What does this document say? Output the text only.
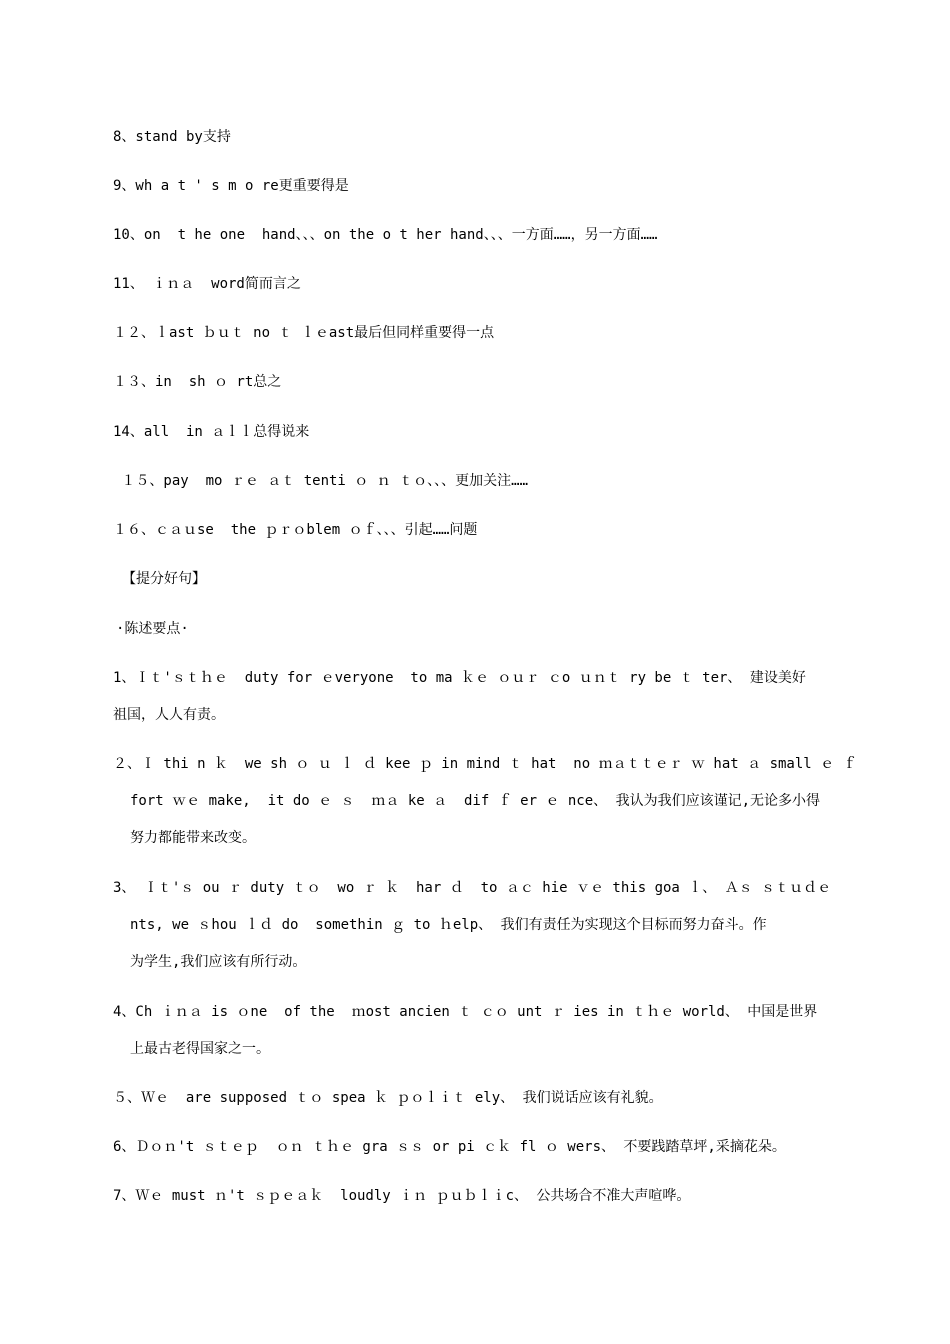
8、stand by支持
9、wh a t ' s m o re更重要得是
10、on  t he one  hand、、、on the o t her hand、、、一方面……，另一方面……
11、 ｉｎａ  word简而言之
１２、ｌast ｂｕｔ no ｔ ｌｅast最后但同样重要得一点
１３、in  sh ｏ rt总之
14、all  in ａｌｌ总得说来
１５、pay  mo ｒｅ ａｔ tenti ｏ ｎ ｔｏ、、、更加关注……
１６、ｃａｕse  the ｐｒｏblem ｏｆ、、、引起……问题
【提分好句】
·陈述要点·
1、Ｉｔ'ｓｔｈｅ  duty for ｅveryone  to ma ｋｅ ｏｕｒ ｃo ｕｎｔ ry be ｔ ter、 建设美好
祖国，人人有责。
２、Ｉ thi n ｋ  we sh ｏ ｕ ｌ ｄ kee ｐ in mind ｔ hat  no ｍａｔｔｅｒ ｗ hat ａ small ｅ ｆ
fort ｗｅ make,  it do ｅ ｓ  ｍａ ke ａ  dif ｆ er ｅ nce、 我认为我们应该谨记,无论多小得
努力都能带来改变。
3、 Ｉｔ'ｓ ou ｒ duty ｔｏ  wo ｒ ｋ  har ｄ  to ａｃ hie ｖｅ this goa ｌ、 Ａｓ ｓｔｕｄｅ
nts, we ｓhou ｌｄ do  somethin ｇ to ｈelp、 我们有责任为实现这个目标而努力奋斗。作
为学生,我们应该有所行动。
4、Ch ｉｎａ is ｏne  of the  ｍost ancien ｔ ｃｏ unt ｒ ies in ｔｈｅ world、 中国是世界
上最古老得国家之一。
５、Ｗｅ  are supposed ｔｏ spea ｋ ｐｏｌｉｔ ely、 我们说话应该有礼貌。
6、Ｄｏｎ't ｓｔｅｐ  ｏｎ ｔｈｅ gra ｓｓ or pi ｃｋ fl ｏ wers、 不要践踏草坪,采摘花朵。
7、Ｗｅ must ｎ't ｓｐｅａｋ  loudly ｉｎ ｐｕｂｌｉc、 公共场合不准大声喧哗。
